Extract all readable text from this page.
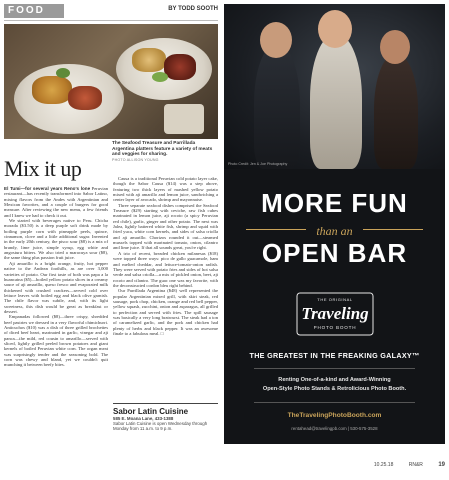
FOOD	BY TODD SOOTH
The Seafood Treasure and Parrillada Argentina platters feature a variety of meats and veggies for sharing.
PHOTO ALLISON YOUNG
Mix it up

El Tumi—for several years Reno's lone Peruvian restaurant—has recently transformed into Sabor Latino, mixing flavors from the Andes with Argentinian and Mexican favorites, and a couple of burgers for good measure. After reviewing the new menu, a few friends and I knew we had to check it out.

We started with beverages native to Peru. Chicha morada ($3.50) is a deep purple soft drink made by boiling purple corn with pineapple peels, quince, cinnamon, clove and a little additional sugar. Invented in the early 20th century, the pisco sour ($8) is a mix of brandy, lime juice, simple syrup, egg white and angostura bitters. We also tried a maracuya sour ($8), the same thing plus passion fruit juice.

Aji amarillo is a bright orange, fruity, hot pepper native to the Andean foothills, as are over 3,000 varieties of potato. Our first taste of both was papa a la huancaina ($5)—boiled yellow potato slices in a creamy sauce of aji amarillo, queso fresco and evaporated milk thickened with crushed crackers—served cold over lettuce leaves with boiled egg and black olive garnish. The chile flavor was subtle, and, with its light sweetness, this dish would be great as breakfast or dessert.

Empanadas followed ($8)—three crispy, shredded beef pastries we dressed in a very flavorful chimichurri. Anticuchos ($10) was a dish of three grilled brochettes of diced beef heart, marinated in garlic, vinegar and aji panca—the mild, red cousin to amarillo—served with sliced, lightly grilled peeled brown potatoes and giant kernels of boiled Peruvian white corn. The organ meat was surprisingly tender and the seasoning bold. The corn was chewy and bland, yet we couldn't quit munching it between beefy bites.

Causa is a traditional Peruvian cold potato layer cake, though the Sabor Causa ($14) was a step above, featuring two thick layers of mashed yellow potato mixed with aji amarillo and lemon juice, sandwiching a center layer of avocado, shrimp and mayonnaise.

Three separate seafood dishes comprised the Seafood Treasure ($29) starting with ceviche, raw fish cubes marinated in lemon juice, aji rocoto (a spicy Peruvian red chile), garlic, ginger and other potato. The next was Jalea, lightly battered white fish, shrimp and squid with fried yuca, white corn kernels, and sides of salsa criolla and aji amarillo. Chorizos rounded it out—steamed mussels topped with marinated tomato, onion, cilantro and lime juice. If that all sounds great, you're right.

A trio of recent, breaded chicken milanesas ($18) were topped three ways: pico de gallo guacamole, ham and melted cheddar, and lettuce-tomato-onion radish. They were served with potato fries and sides of hot salsa verde and salsa criolla—a mix of pickled onion, beet, aji rocoto and cilantro. The guac one was my favorite, with the deconstructed cordon bleu right behind.

Our Parrillada Argentina ($48) well represented the popular Argentinian mixed grill, with skirt steak, red sausage, pork chop, chicken, orange and red bell pepper, yellow squash, zucchini, onion and asparagus, all grilled to perfection and served with fries. The spill sausage was basically a very long bratwurst. The steak had a ton of caramelized garlic, and the pork and chicken had plenty of herbs and black pepper. It was an awesome finale to a fabulous meal. □

Sabor Latin Cuisine
585 E. Moana Lane, 433-1388
Sabor Latin Cuisine is open Wednesday through
Monday from 11 a.m. to 9 p.m.
Photo Credit: Jen & Joe Photography
MORE FUN
than an
OPEN BAR
THE ORIGINAL
Traveling
PHOTO BOOTH
THE GREATEST IN THE FREAKING GALAXY™
Renting One-of-a-kind and Award-Winning
Open-Style Photo Stands & Retrolicious Photo Booth.
TheTravelingPhotoBooth.com
rentahead@travelingpb.com | 530-575-3528
10.25.18	RN&R	19
